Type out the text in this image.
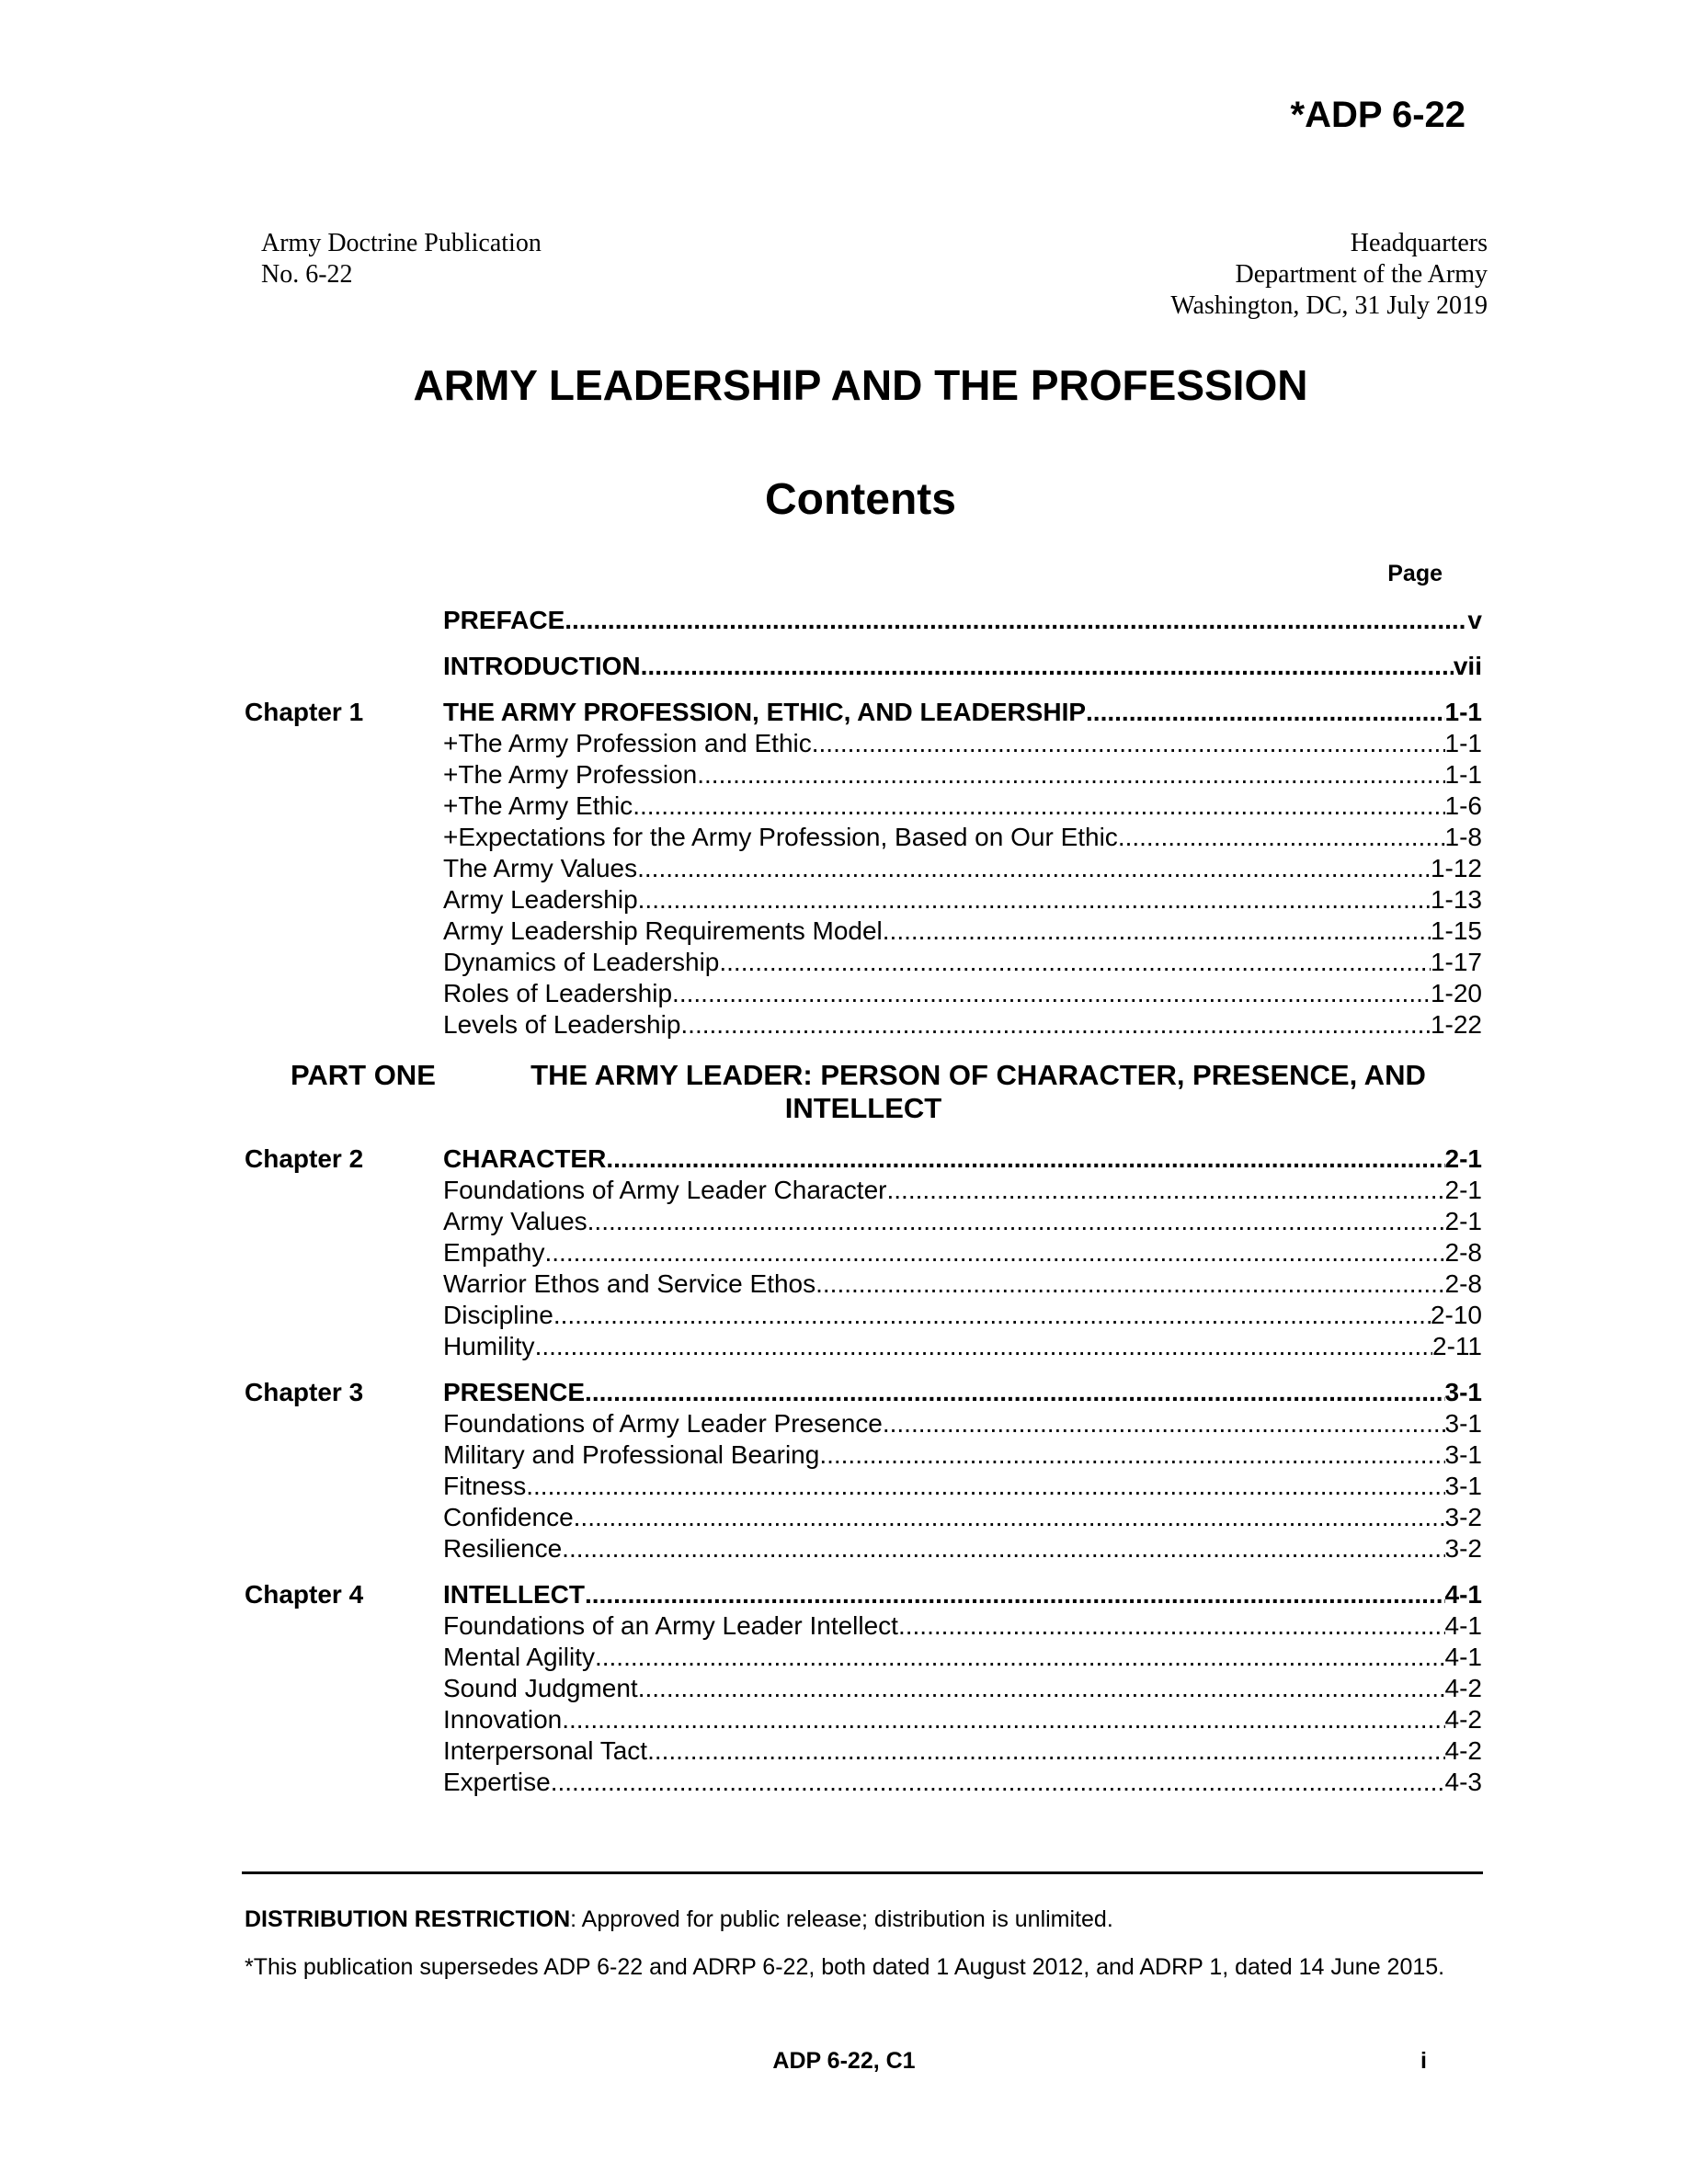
*ADP 6-22
Army Doctrine Publication
No. 6-22
Headquarters
Department of the Army
Washington, DC, 31 July 2019
ARMY LEADERSHIP AND THE PROFESSION
Contents
Page
PREFACE .....	v
INTRODUCTION .....	vii
Chapter 1	THE ARMY PROFESSION, ETHIC, AND LEADERSHIP .....	1-1
+The Army Profession and Ethic .....	1-1
+The Army Profession .....	1-1
+The Army Ethic .....	1-6
+Expectations for the Army Profession, Based on Our Ethic .....	1-8
The Army Values .....	1-12
Army Leadership .....	1-13
Army Leadership Requirements Model .....	1-15
Dynamics of Leadership .....	1-17
Roles of Leadership .....	1-20
Levels of Leadership .....	1-22
PART ONE	THE ARMY LEADER: PERSON OF CHARACTER, PRESENCE, AND
INTELLECT
Chapter 2	CHARACTER .....	2-1
Foundations of Army Leader Character .....	2-1
Army Values .....	2-1
Empathy .....	2-8
Warrior Ethos and Service Ethos .....	2-8
Discipline .....	2-10
Humility .....	2-11
Chapter 3	PRESENCE .....	3-1
Foundations of Army Leader Presence .....	3-1
Military and Professional Bearing .....	3-1
Fitness .....	3-1
Confidence .....	3-2
Resilience .....	3-2
Chapter 4	INTELLECT .....	4-1
Foundations of an Army Leader Intellect .....	4-1
Mental Agility .....	4-1
Sound Judgment .....	4-2
Innovation .....	4-2
Interpersonal Tact .....	4-2
Expertise .....	4-3
DISTRIBUTION RESTRICTION: Approved for public release; distribution is unlimited.
*This publication supersedes ADP 6-22 and ADRP 6-22, both dated 1 August 2012, and ADRP 1, dated 14 June 2015.
ADP 6-22, C1	i
